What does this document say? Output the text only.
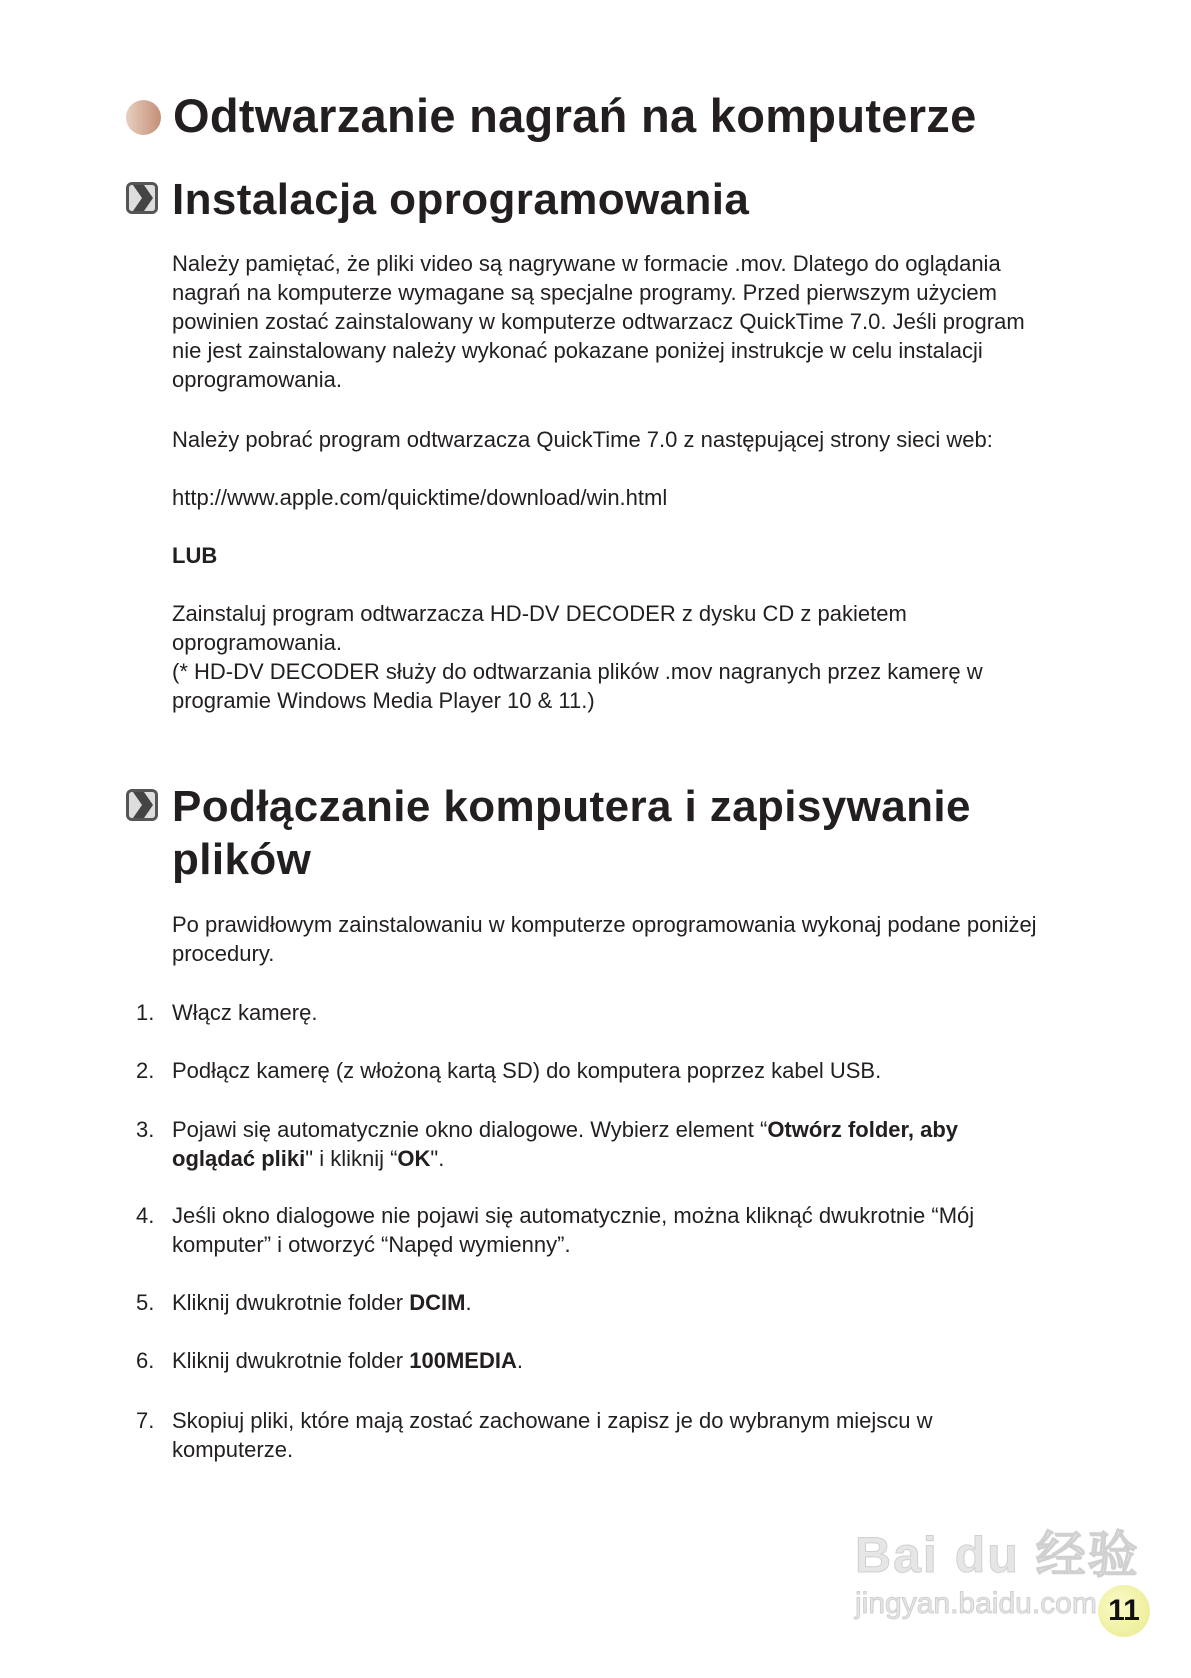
Odtwarzanie nagrań na komputerze
Instalacja oprogramowania
Należy pamiętać, że pliki video są nagrywane w formacie .mov. Dlatego do oglądania nagrań na komputerze wymagane są specjalne programy. Przed pierwszym użyciem powinien zostać zainstalowany w komputerze odtwarzacz QuickTime 7.0. Jeśli program nie jest zainstalowany należy wykonać pokazane poniżej instrukcje w celu instalacji oprogramowania.
Należy pobrać program odtwarzacza QuickTime 7.0 z następującej strony sieci web:
http://www.apple.com/quicktime/download/win.html
LUB
Zainstaluj program odtwarzacza HD-DV DECODER z dysku CD z pakietem oprogramowania.
(* HD-DV DECODER służy do odtwarzania plików .mov nagranych przez kamerę w programie Windows Media Player 10 & 11.)
Podłączanie komputera i zapisywanie
plików
Po prawidłowym zainstalowaniu w komputerze oprogramowania wykonaj podane poniżej procedury.
1. Włącz kamerę.
2. Podłącz kamerę (z włożoną kartą SD) do komputera poprzez kabel USB.
3. Pojawi się automatycznie okno dialogowe. Wybierz element “Otwórz folder, aby oglądać pliki" i kliknij “OK".
4. Jeśli okno dialogowe nie pojawi się automatycznie, można kliknąć dwukrotnie “Mój komputer” i otworzyć “Napęd wymienny”.
5. Kliknij dwukrotnie folder DCIM.
6. Kliknij dwukrotnie folder 100MEDIA.
7. Skopiuj pliki, które mają zostać zachowane i zapisz je do wybranym miejscu w komputerze.
Bai du 经验
jingyan.baidu.com 11
